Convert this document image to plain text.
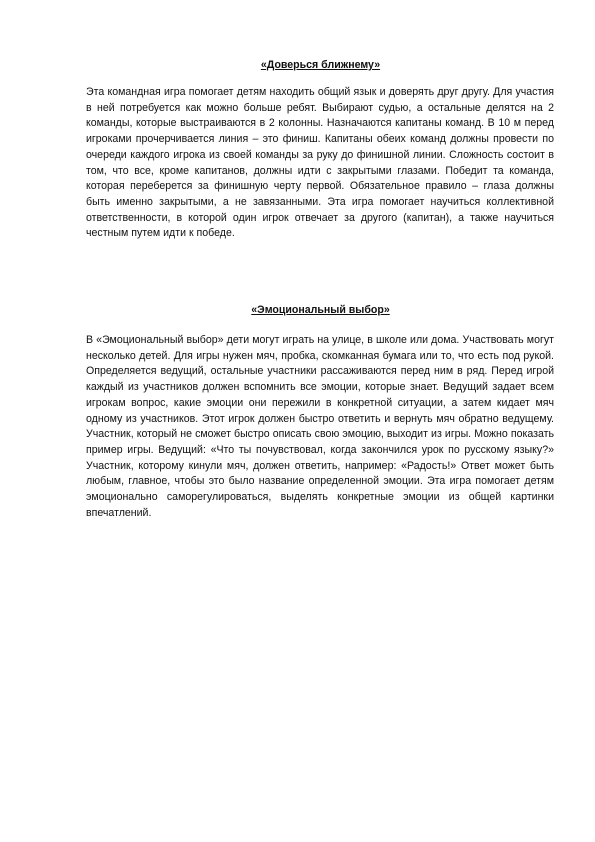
«Доверься ближнему»

Эта командная игра помогает детям находить общий язык и доверять друг другу. Для участия в ней потребуется как можно больше ребят. Выбирают судью, а остальные делятся на 2 команды, которые выстраиваются в 2 колонны. Назначаются капитаны команд. В 10 м перед игроками прочерчивается линия – это финиш. Капитаны обеих команд должны провести по очереди каждого игрока из своей команды за руку до финишной линии. Сложность состоит в том, что все, кроме капитанов, должны идти с закрытыми глазами. Победит та команда, которая переберется за финишную черту первой. Обязательное правило – глаза должны быть именно закрытыми, а не завязанными. Эта игра помогает научиться коллективной ответственности, в которой один игрок отвечает за другого (капитан), а также научиться честным путем идти к победе.

«Эмоциональный выбор»

В «Эмоциональный выбор» дети могут играть на улице, в школе или дома. Участвовать могут несколько детей. Для игры нужен мяч, пробка, скомканная бумага или то, что есть под рукой. Определяется ведущий, остальные участники рассаживаются перед ним в ряд. Перед игрой каждый из участников должен вспомнить все эмоции, которые знает. Ведущий задает всем игрокам вопрос, какие эмоции они пережили в конкретной ситуации, а затем кидает мяч одному из участников. Этот игрок должен быстро ответить и вернуть мяч обратно ведущему. Участник, который не сможет быстро описать свою эмоцию, выходит из игры. Можно показать пример игры. Ведущий: «Что ты почувствовал, когда закончился урок по русскому языку?» Участник, которому кинули мяч, должен ответить, например: «Радость!» Ответ может быть любым, главное, чтобы это было название определенной эмоции. Эта игра помогает детям эмоционально саморегулироваться, выделять конкретные эмоции из общей картинки впечатлений.
